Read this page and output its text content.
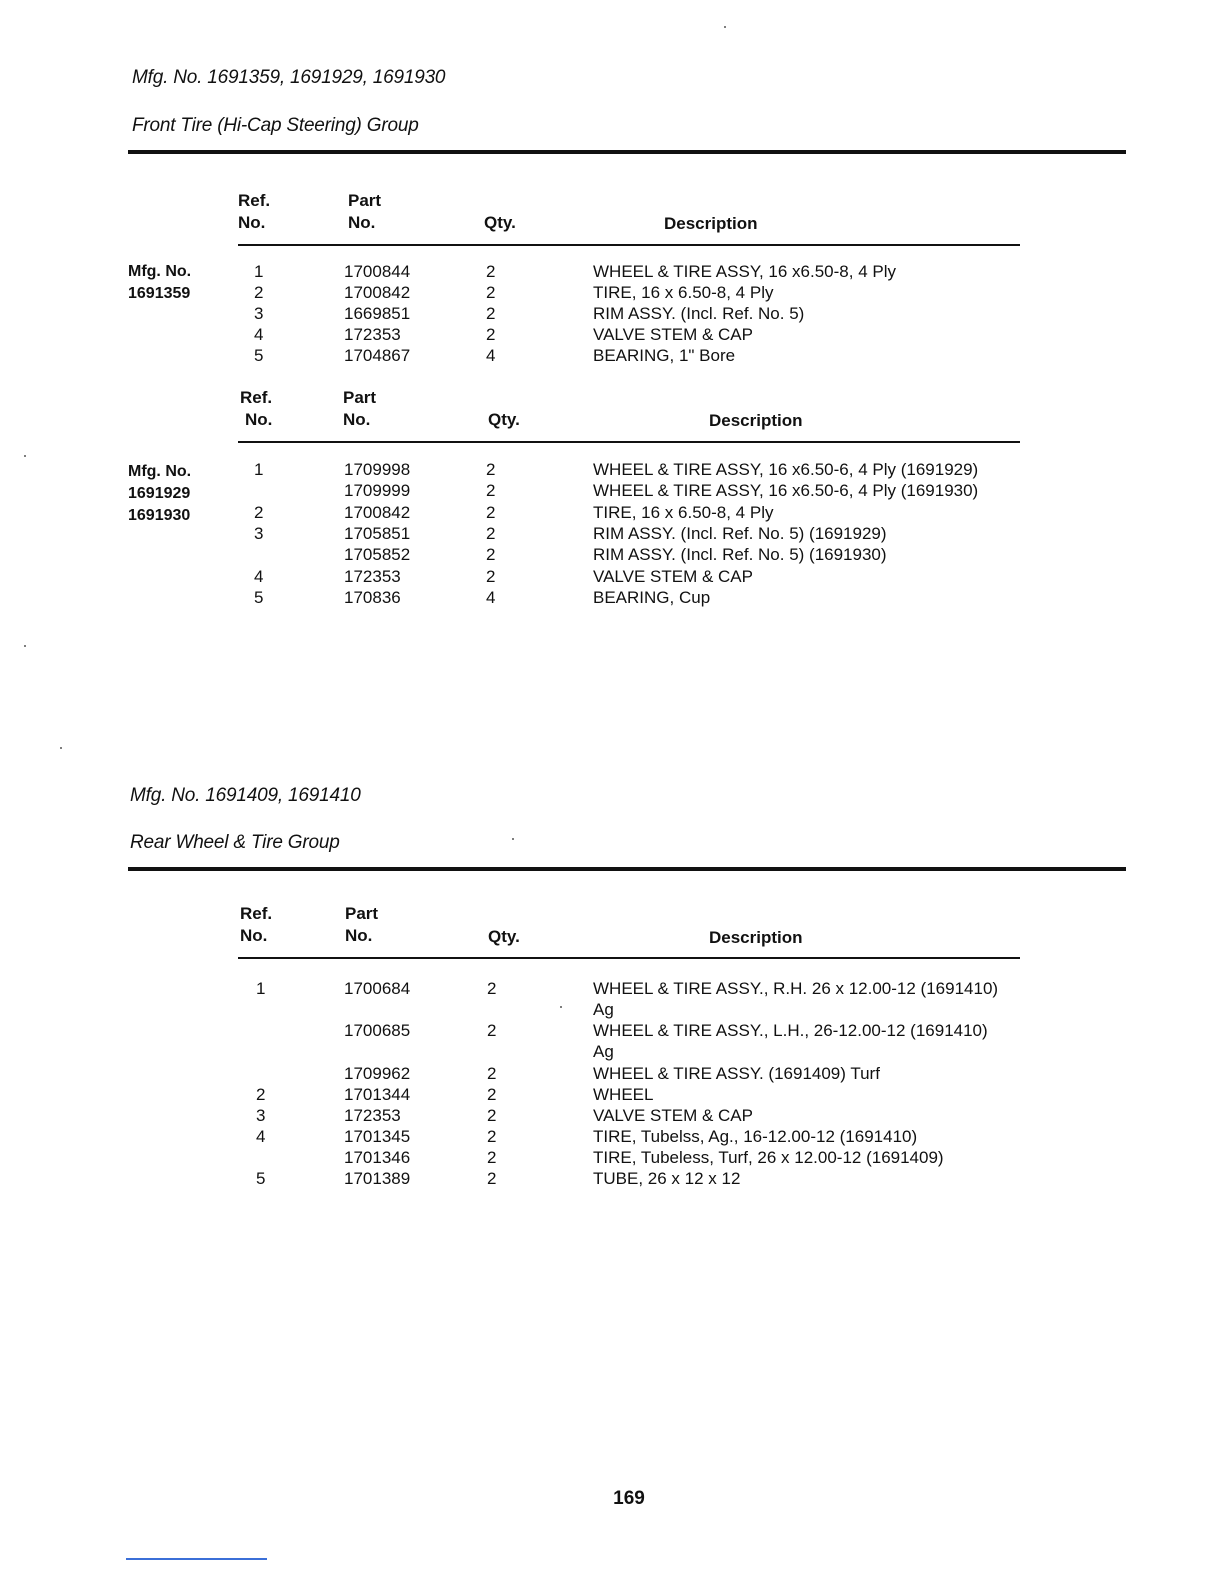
Mfg. No. 1691359, 1691929, 1691930
Front Tire (Hi-Cap Steering) Group
Ref.
No.
Part
No.	Qty.	Description
Mfg. No.
1691359
1	1700844	2	WHEEL & TIRE ASSY, 16 x6.50-8, 4 Ply
2	1700842	2	TIRE, 16 x 6.50-8, 4 Ply
3	1669851	2	RIM ASSY. (Incl. Ref. No. 5)
4	172353	2	VALVE STEM & CAP
5	1704867	4	BEARING, 1" Bore
Ref.
No.
Part
No.	Qty.	Description
Mfg. No.
1691929
1691930
1	1709998	2	WHEEL & TIRE ASSY, 16 x6.50-6, 4 Ply (1691929)
1709999	2	WHEEL & TIRE ASSY, 16 x6.50-6, 4 Ply (1691930)
2	1700842	2	TIRE, 16 x 6.50-8, 4 Ply
3	1705851	2	RIM ASSY. (Incl. Ref. No. 5) (1691929)
1705852	2	RIM ASSY. (Incl. Ref. No. 5) (1691930)
4	172353	2	VALVE STEM & CAP
5	170836	4	BEARING, Cup
Mfg. No. 1691409, 1691410
Rear Wheel & Tire Group
Ref.
No.
Part
No.	Qty.	Description
1	1700684	2	WHEEL & TIRE ASSY., R.H. 26 x 12.00-12 (1691410)
Ag
1700685	2	WHEEL & TIRE ASSY., L.H., 26-12.00-12 (1691410)
Ag
1709962	2	WHEEL & TIRE ASSY. (1691409) Turf
2	1701344	2	WHEEL
3	172353	2	VALVE STEM & CAP
4	1701345	2	TIRE, Tubelss, Ag., 16-12.00-12 (1691410)
1701346	2	TIRE, Tubeless, Turf, 26 x 12.00-12 (1691409)
5	1701389	2	TUBE, 26 x 12 x 12
169
